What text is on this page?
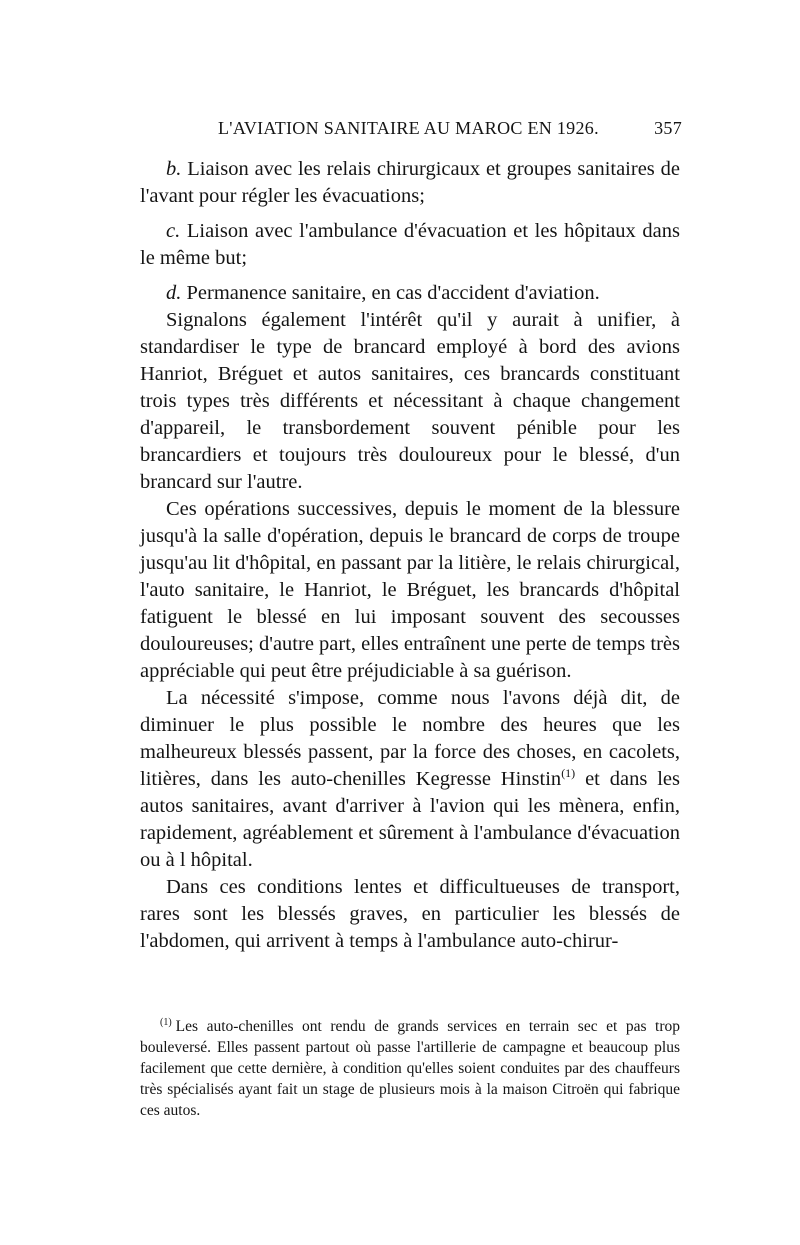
L'AVIATION SANITAIRE AU MAROC EN 1926.	357

b. Liaison avec les relais chirurgicaux et groupes sanitaires de l'avant pour régler les évacuations;

c. Liaison avec l'ambulance d'évacuation et les hôpitaux dans le même but;

d. Permanence sanitaire, en cas d'accident d'aviation.

Signalons également l'intérêt qu'il y aurait à unifier, à standardiser le type de brancard employé à bord des avions Hanriot, Bréguet et autos sanitaires, ces brancards constituant trois types très différents et nécessitant à chaque changement d'appareil, le transbordement souvent pénible pour les brancardiers et toujours très douloureux pour le blessé, d'un brancard sur l'autre.

Ces opérations successives, depuis le moment de la blessure jusqu'à la salle d'opération, depuis le brancard de corps de troupe jusqu'au lit d'hôpital, en passant par la litière, le relais chirurgical, l'auto sanitaire, le Hanriot, le Bréguet, les brancards d'hôpital fatiguent le blessé en lui imposant souvent des secousses douloureuses; d'autre part, elles entraînent une perte de temps très appréciable qui peut être préjudiciable à sa guérison.

La nécessité s'impose, comme nous l'avons déjà dit, de diminuer le plus possible le nombre des heures que les malheureux blessés passent, par la force des choses, en cacolets, litières, dans les auto-chenilles Kegresse Hinstin$^{(1)}$ et dans les autos sanitaires, avant d'arriver à l'avion qui les mènera, enfin, rapidement, agréablement et sûrement à l'ambulance d'évacuation ou à l hôpital.

Dans ces conditions lentes et difficultueuses de transport, rares sont les blessés graves, en particulier les blessés de l'abdomen, qui arrivent à temps à l'ambulance auto-chirur-

$^{(1)}$ Les auto-chenilles ont rendu de grands services en terrain sec et pas trop bouleversé. Elles passent partout où passe l'artillerie de campagne et beaucoup plus facilement que cette dernière, à condition qu'elles soient conduites par des chauffeurs très spécialisés ayant fait un stage de plusieurs mois à la maison Citroën qui fabrique ces autos.
